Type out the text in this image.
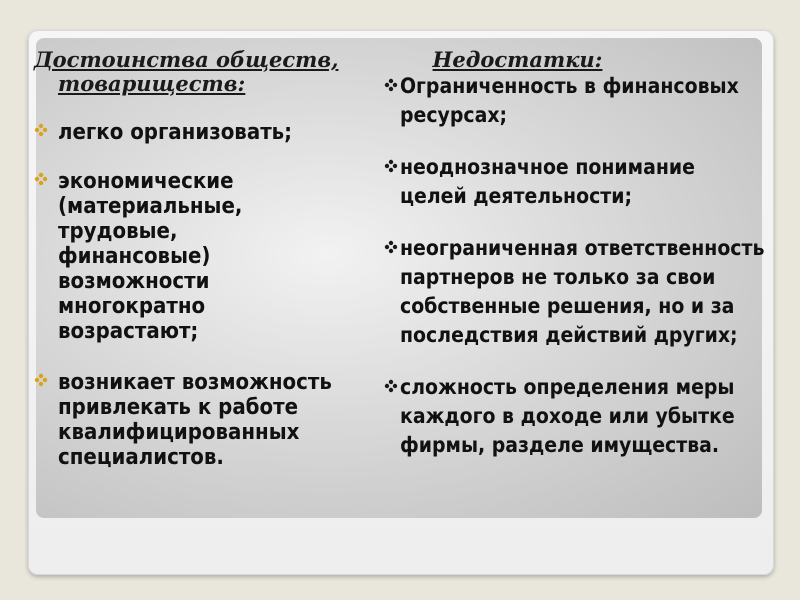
Достоинства обществ,
товариществ:
легко организовать;
экономические (материальные, трудовые, финансовые) возможности многократно возрастают;
возникает возможность привлекать к работе квалифицированных специалистов.
Недостатки:
Ограниченность в финансовых ресурсах;
неоднозначное понимание целей деятельности;
неограниченная ответственность партнеров не только за свои собственные решения, но и за последствия действий других;
сложность определения меры каждого в доходе или убытке фирмы, разделе имущества.
